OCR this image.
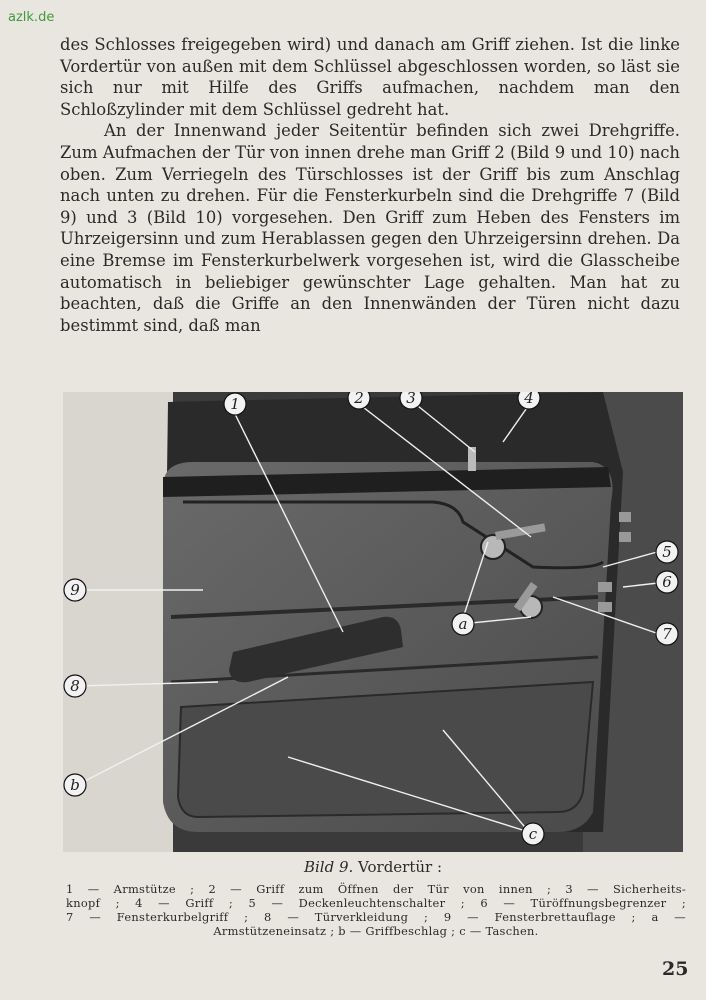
azlk.de

des Schlosses freigegeben wird) und danach am Griff ziehen. Ist die linke Vordertür von außen mit dem Schlüssel abgeschlossen worden, so läst sie sich nur mit Hilfe des Griffs aufmachen, nachdem man den Schloßzylinder mit dem Schlüssel gedreht hat.

An der Innenwand jeder Seitentür befinden sich zwei Drehgriffe. Zum Aufmachen der Tür von innen drehe man Griff 2 (Bild 9 und 10) nach oben. Zum Verriegeln des Türschlosses ist der Griff bis zum Anschlag nach unten zu drehen. Für die Fensterkurbeln sind die Drehgriffe 7 (Bild 9) und 3 (Bild 10) vorgesehen. Den Griff zum Heben des Fensters im Uhrzeigersinn und zum Herablassen gegen den Uhrzeigersinn drehen. Da eine Bremse im Fensterkurbelwerk vorgesehen ist, wird die Glasscheibe automatisch in beliebiger gewünschter Lage gehalten. Man hat zu beachten, daß die Griffe an den Innenwänden der Türen nicht dazu bestimmt sind, daß man

1	2	3	4
5
6
7
a
9
8
b
c
Bild 9. Vordertür :
1 — Armstütze ; 2 — Griff zum Öffnen der Tür von innen ; 3 — Sicherheits-
knopf ; 4 — Griff ; 5 — Deckenleuchtenschalter ; 6 — Türöffnungsbegrenzer ;
7 — Fensterkurbelgriff ; 8 — Türverkleidung ; 9 — Fensterbrettauflage ; a —
Armstützeneinsatz ; b — Griffbeschlag ; c — Taschen.
25
